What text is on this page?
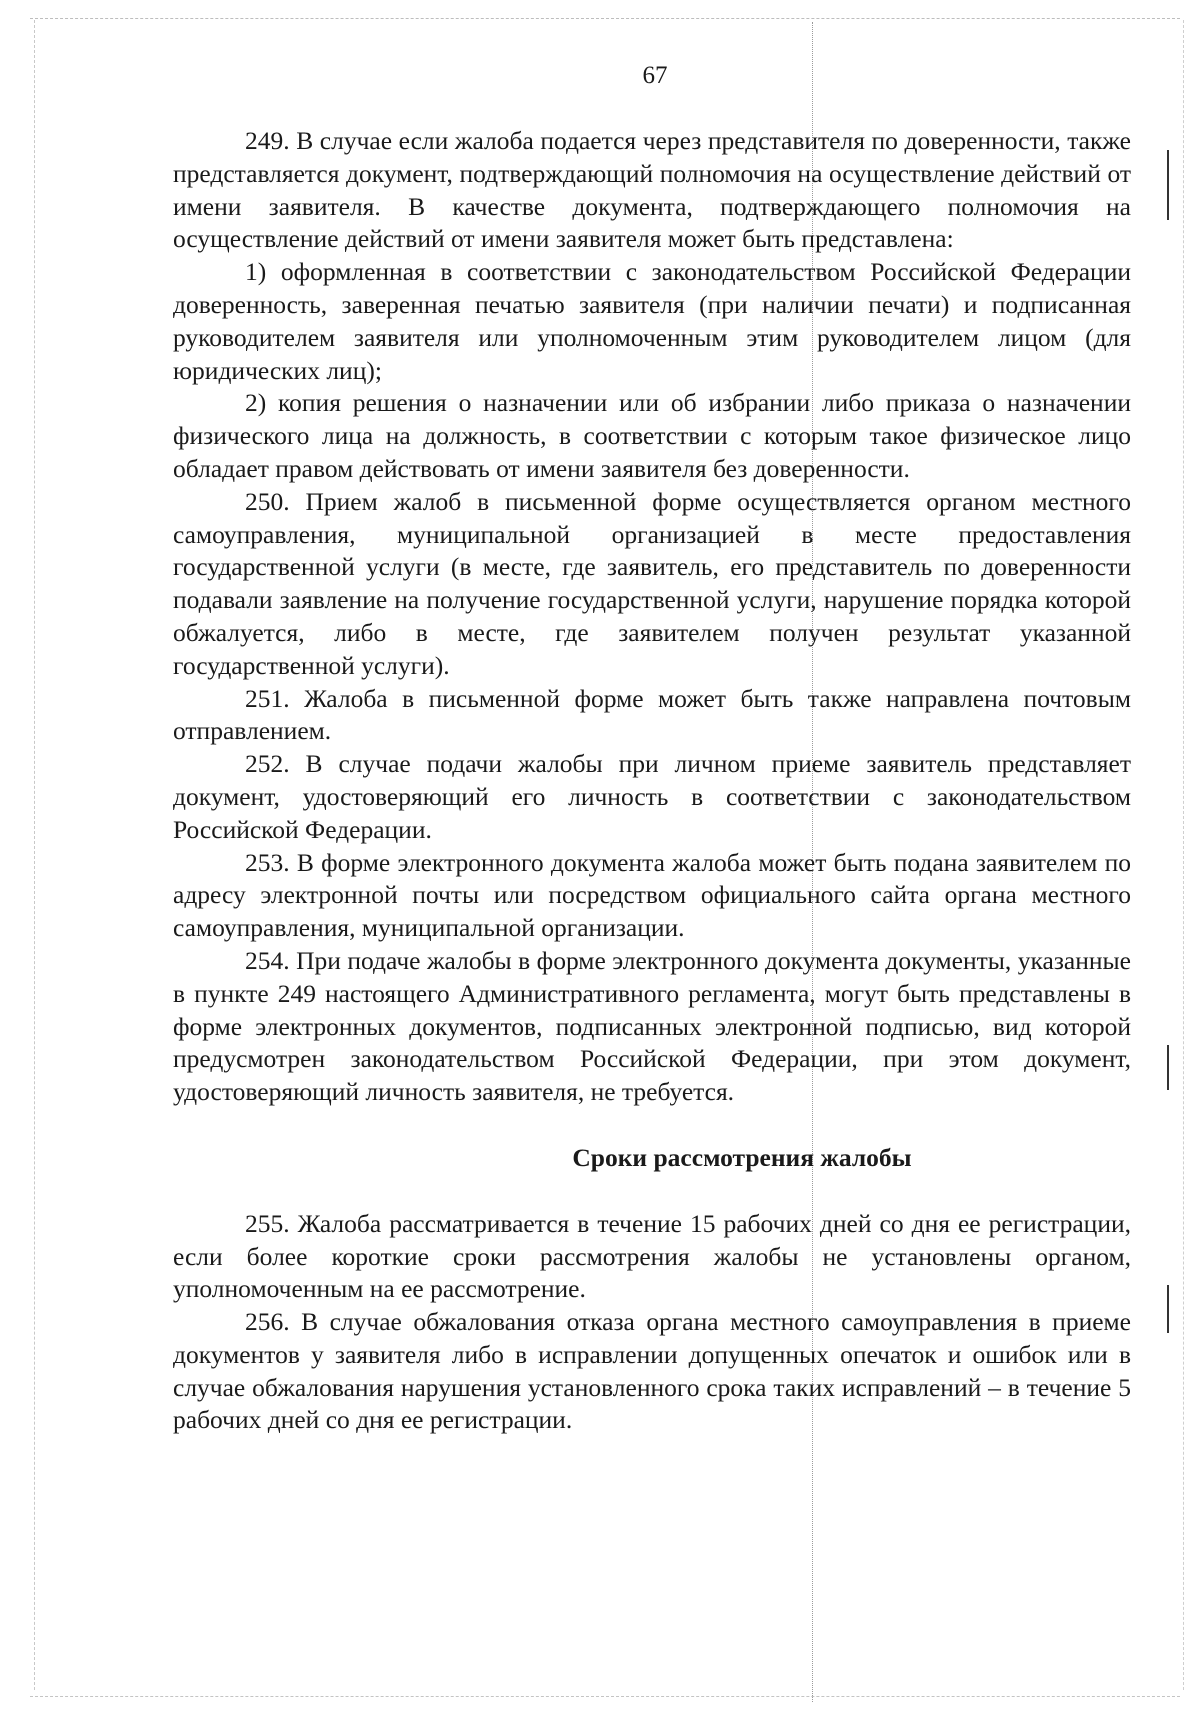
67

249. В случае если жалоба подается через представителя по доверенности, также представляется документ, подтверждающий полномочия на осуществление действий от имени заявителя. В качестве документа, подтверждающего полномочия на осуществление действий от имени заявителя может быть представлена:

1) оформленная в соответствии с законодательством Российской Федерации доверенность, заверенная печатью заявителя (при наличии печати) и подписанная руководителем заявителя или уполномоченным этим руководителем лицом (для юридических лиц);

2) копия решения о назначении или об избрании либо приказа о назначении физического лица на должность, в соответствии с которым такое физическое лицо обладает правом действовать от имени заявителя без доверенности.

250. Прием жалоб в письменной форме осуществляется органом местного самоуправления, муниципальной организацией в месте предоставления государственной услуги (в месте, где заявитель, его представитель по доверенности подавали заявление на получение государственной услуги, нарушение порядка которой обжалуется, либо в месте, где заявителем получен результат указанной государственной услуги).

251. Жалоба в письменной форме может быть также направлена почтовым отправлением.

252. В случае подачи жалобы при личном приеме заявитель представляет документ, удостоверяющий его личность в соответствии с законодательством Российской Федерации.

253. В форме электронного документа жалоба может быть подана заявителем по адресу электронной почты или посредством официального сайта органа местного самоуправления, муниципальной организации.

254. При подаче жалобы в форме электронного документа документы, указанные в пункте 249 настоящего Административного регламента, могут быть представлены в форме электронных документов, подписанных электронной подписью, вид которой предусмотрен законодательством Российской Федерации, при этом документ, удостоверяющий личность заявителя, не требуется.

Сроки рассмотрения жалобы

255. Жалоба рассматривается в течение 15 рабочих дней со дня ее регистрации, если более короткие сроки рассмотрения жалобы не установлены органом, уполномоченным на ее рассмотрение.

256. В случае обжалования отказа органа местного самоуправления в приеме документов у заявителя либо в исправлении допущенных опечаток и ошибок или в случае обжалования нарушения установленного срока таких исправлений – в течение 5 рабочих дней со дня ее регистрации.
